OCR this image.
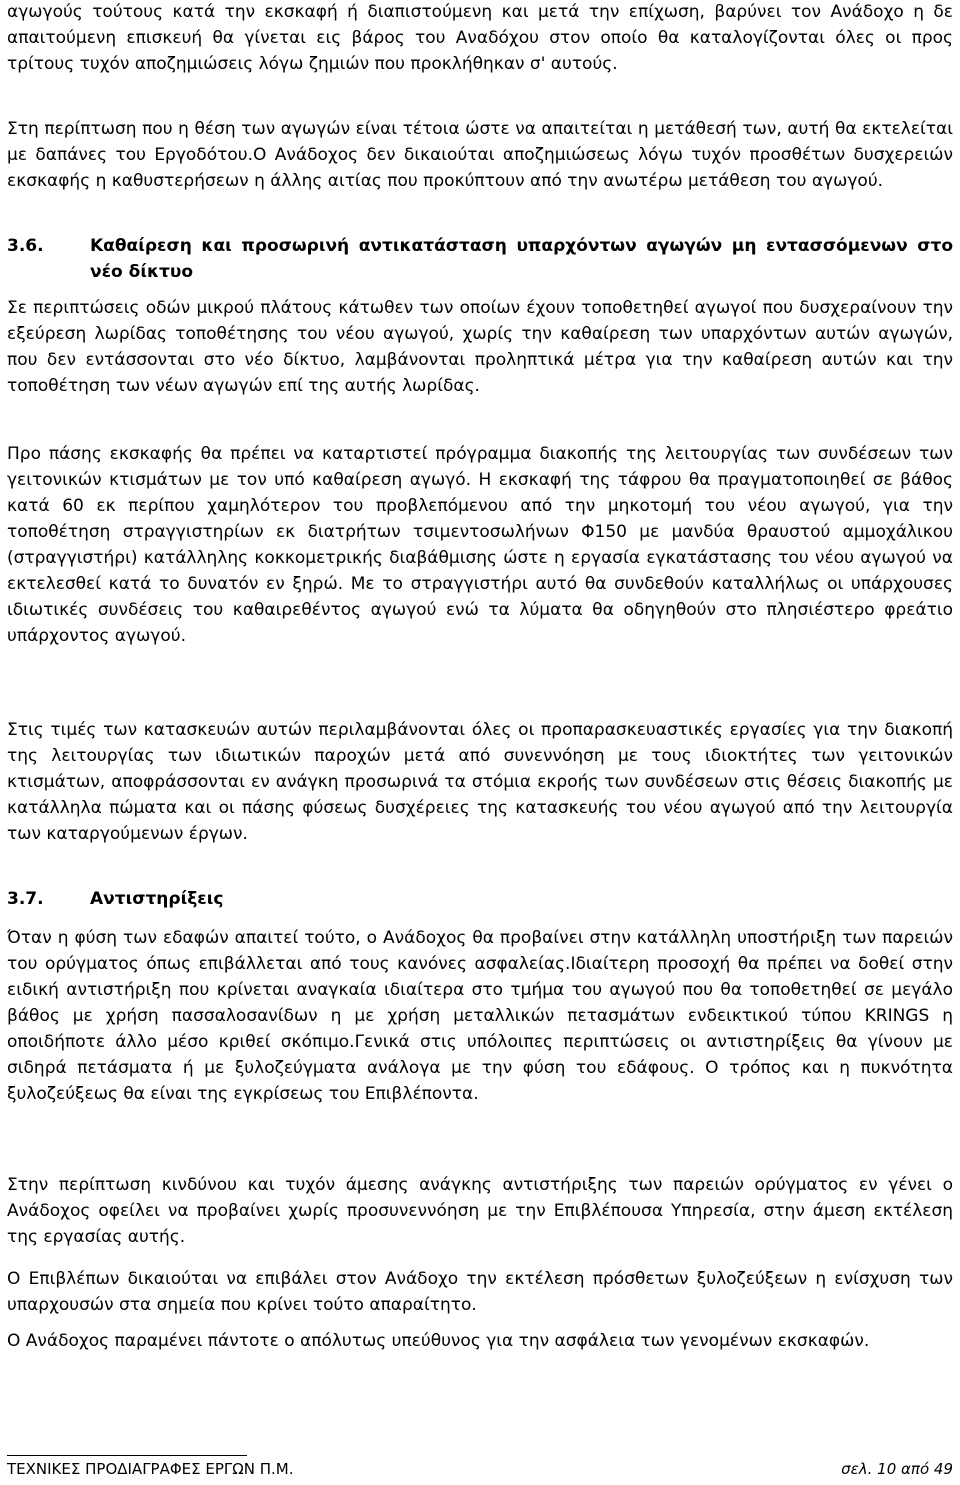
αγωγούς τούτους κατά την εκσκαφή ή διαπιστούμενη και μετά την επίχωση, βαρύνει τον Ανάδοχο η δε απαιτούμενη επισκευή θα γίνεται εις βάρος του Αναδόχου στον οποίο θα καταλογίζονται όλες οι προς τρίτους τυχόν αποζημιώσεις λόγω ζημιών που προκλήθηκαν σ' αυτούς.

Στη περίπτωση που η θέση των αγωγών είναι τέτοια ώστε να απαιτείται η μετάθεσή των, αυτή θα εκτελείται με δαπάνες του Εργοδότου.Ο Ανάδοχος δεν δικαιούται αποζημιώσεως λόγω τυχόν προσθέτων δυσχερειών εκσκαφής η καθυστερήσεων η άλλης αιτίας που προκύπτουν από την ανωτέρω μετάθεση του αγωγού.

3.6.	Καθαίρεση και προσωρινή αντικατάσταση υπαρχόντων αγωγών μη εντασσόμενων στο νέο δίκτυο

Σε περιπτώσεις οδών μικρού πλάτους κάτωθεν των οποίων έχουν τοποθετηθεί αγωγοί που δυσχεραίνουν την εξεύρεση λωρίδας τοποθέτησης του νέου αγωγού, χωρίς την καθαίρεση των υπαρχόντων αυτών αγωγών, που δεν εντάσσονται στο νέο δίκτυο, λαμβάνονται προληπτικά μέτρα για την καθαίρεση αυτών και την τοποθέτηση των νέων αγωγών επί της αυτής λωρίδας.

Προ πάσης εκσκαφής θα πρέπει να καταρτιστεί πρόγραμμα διακοπής της λειτουργίας των συνδέσεων των γειτονικών κτισμάτων με τον υπό καθαίρεση αγωγό. Η εκσκαφή της τάφρου θα πραγματοποιηθεί σε βάθος κατά 60 εκ περίπου χαμηλότερον του προβλεπόμενου από την μηκοτομή του νέου αγωγού, για την τοποθέτηση στραγγιστηρίων εκ διατρήτων τσιμεντοσωλήνων Φ150 με μανδύα θραυστού αμμοχάλικου (στραγγιστήρι) κατάλληλης κοκκομετρικής διαβάθμισης ώστε η εργασία εγκατάστασης του νέου αγωγού να εκτελεσθεί κατά το δυνατόν εν ξηρώ. Με το στραγγιστήρι αυτό θα συνδεθούν καταλλήλως οι υπάρχουσες ιδιωτικές συνδέσεις του καθαιρεθέντος αγωγού ενώ τα λύματα θα οδηγηθούν στο πλησιέστερο φρεάτιο υπάρχοντος αγωγού.

Στις τιμές των κατασκευών αυτών περιλαμβάνονται όλες οι προπαρασκευαστικές εργασίες για την διακοπή της λειτουργίας των ιδιωτικών παροχών μετά από συνεννόηση με τους ιδιοκτήτες των γειτονικών κτισμάτων, αποφράσσονται εν ανάγκη προσωρινά τα στόμια εκροής των συνδέσεων στις θέσεις διακοπής με κατάλληλα πώματα και οι πάσης φύσεως δυσχέρειες της κατασκευής του νέου αγωγού από την λειτουργία των καταργούμενων έργων.

3.7.	Αντιστηρίξεις

Όταν η φύση των εδαφών απαιτεί τούτο, ο Ανάδοχος θα προβαίνει στην κατάλληλη υποστήριξη των παρειών του ορύγματος όπως επιβάλλεται από τους κανόνες ασφαλείας.Ιδιαίτερη προσοχή θα πρέπει να δοθεί στην ειδική αντιστήριξη που κρίνεται αναγκαία ιδιαίτερα στο τμήμα του αγωγού που θα τοποθετηθεί σε μεγάλο βάθος με χρήση πασσαλοσανίδων η με χρήση μεταλλικών πετασμάτων ενδεικτικού τύπου KRINGS η οποιδήποτε άλλο μέσο κριθεί σκόπιμο.Γενικά στις υπόλοιπες περιπτώσεις οι αντιστηρίξεις θα γίνουν με σιδηρά πετάσματα ή με ξυλοζεύγματα ανάλογα με την φύση του εδάφους. Ο τρόπος και η πυκνότητα ξυλοζεύξεως θα είναι της εγκρίσεως του Επιβλέποντα.

Στην περίπτωση κινδύνου και τυχόν άμεσης ανάγκης αντιστήριξης των παρειών ορύγματος εν γένει ο Ανάδοχος οφείλει να προβαίνει χωρίς προσυνεννόηση με την Επιβλέπουσα Υπηρεσία, στην άμεση εκτέλεση της εργασίας αυτής.

Ο Επιβλέπων δικαιούται να επιβάλει στον Ανάδοχο την εκτέλεση πρόσθετων ξυλοζεύξεων η ενίσχυση των υπαρχουσών στα σημεία που κρίνει τούτο απαραίτητο.

Ο Ανάδοχος παραμένει πάντοτε ο απόλυτως υπεύθυνος για την ασφάλεια των γενομένων εκσκαφών.

ΤΕΧΝΙΚΕΣ ΠΡΟΔΙΑΓΡΑΦΕΣ ΕΡΓΩΝ Π.Μ.	σελ. 10 από 49
